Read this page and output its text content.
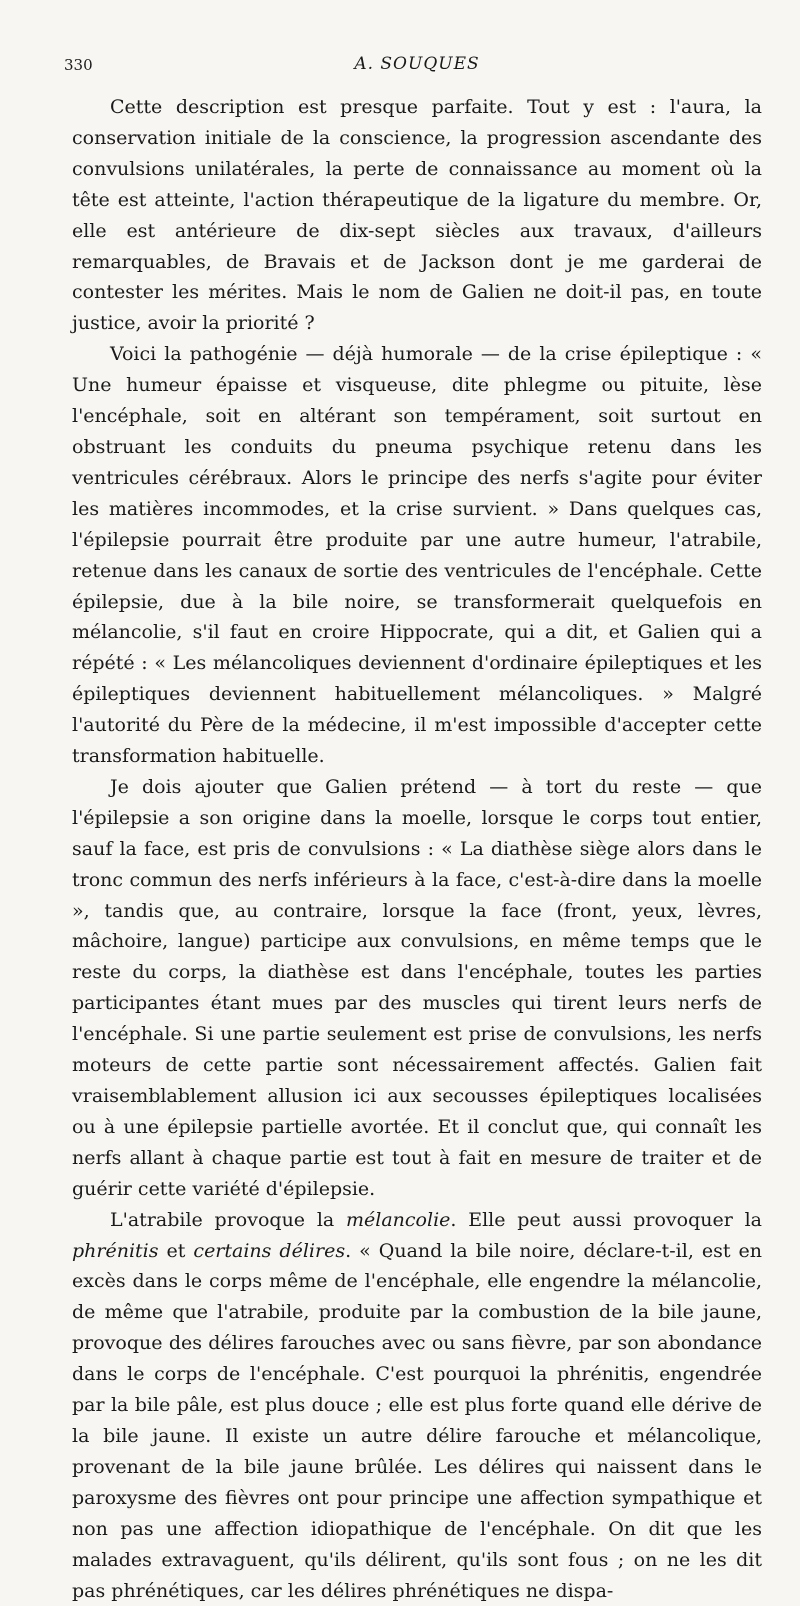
330	A. SOUQUES

Cette description est presque parfaite. Tout y est : l'aura, la conservation initiale de la conscience, la progression ascendante des convulsions unilatérales, la perte de connaissance au moment où la tête est atteinte, l'action thérapeutique de la ligature du membre. Or, elle est antérieure de dix-sept siècles aux travaux, d'ailleurs remarquables, de Bravais et de Jackson dont je me garderai de contester les mérites. Mais le nom de Galien ne doit-il pas, en toute justice, avoir la priorité ?

Voici la pathogénie — déjà humorale — de la crise épileptique : « Une humeur épaisse et visqueuse, dite phlegme ou pituite, lèse l'encéphale, soit en altérant son tempérament, soit surtout en obstruant les conduits du pneuma psychique retenu dans les ventricules cérébraux. Alors le principe des nerfs s'agite pour éviter les matières incommodes, et la crise survient. » Dans quelques cas, l'épilepsie pourrait être produite par une autre humeur, l'atrabile, retenue dans les canaux de sortie des ventricules de l'encéphale. Cette épilepsie, due à la bile noire, se transformerait quelquefois en mélancolie, s'il faut en croire Hippocrate, qui a dit, et Galien qui a répété : « Les mélancoliques deviennent d'ordinaire épileptiques et les épileptiques deviennent habituellement mélancoliques. » Malgré l'autorité du Père de la médecine, il m'est impossible d'accepter cette transformation habituelle.

Je dois ajouter que Galien prétend — à tort du reste — que l'épilepsie a son origine dans la moelle, lorsque le corps tout entier, sauf la face, est pris de convulsions : « La diathèse siège alors dans le tronc commun des nerfs inférieurs à la face, c'est-à-dire dans la moelle », tandis que, au contraire, lorsque la face (front, yeux, lèvres, mâchoire, langue) participe aux convulsions, en même temps que le reste du corps, la diathèse est dans l'encéphale, toutes les parties participantes étant mues par des muscles qui tirent leurs nerfs de l'encéphale. Si une partie seulement est prise de convulsions, les nerfs moteurs de cette partie sont nécessairement affectés. Galien fait vraisemblablement allusion ici aux secousses épileptiques localisées ou à une épilepsie partielle avortée. Et il conclut que, qui connaît les nerfs allant à chaque partie est tout à fait en mesure de traiter et de guérir cette variété d'épilepsie.

L'atrabile provoque la mélancolie. Elle peut aussi provoquer la phrénitis et certains délires. « Quand la bile noire, déclare-t-il, est en excès dans le corps même de l'encéphale, elle engendre la mélancolie, de même que l'atrabile, produite par la combustion de la bile jaune, provoque des délires farouches avec ou sans fièvre, par son abondance dans le corps de l'encéphale. C'est pourquoi la phrénitis, engendrée par la bile pâle, est plus douce ; elle est plus forte quand elle dérive de la bile jaune. Il existe un autre délire farouche et mélancolique, provenant de la bile jaune brûlée. Les délires qui naissent dans le paroxysme des fièvres ont pour principe une affection sympathique et non pas une affection idiopathique de l'encéphale. On dit que les malades extravaguent, qu'ils délirent, qu'ils sont fous ; on ne les dit pas phrénétiques, car les délires phrénétiques ne dispa-
